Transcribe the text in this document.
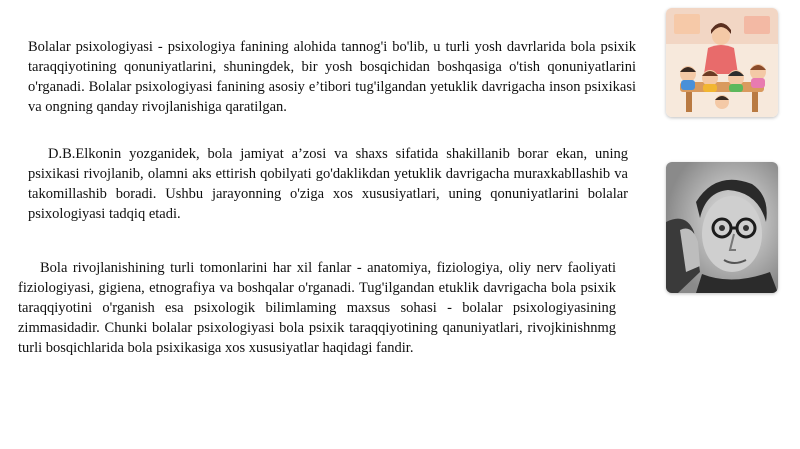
Bolalar psixologiyasi - psixologiya fanining alohida tannog'i bo'lib, u turli yosh davrlarida bola psixik taraqqiyotining qonuniyatlarini, shuningdek, bir yosh bosqichidan boshqasiga o'tish qonuniyatlarini o'rganadi. Bolalar psixologiyasi fanining asosiy e’tibori tug'ilgandan yetuklik davrigacha inson psixikasi va ongning qanday rivojlanishiga qaratilgan.

D.B.Elkonin yozganidek, bola jamiyat a’zosi va shaxs sifatida shakillanib borar ekan, uning psixikasi rivojlanib, olamni aks ettirish qobilyati go'daklikdan yetuklik davrigacha muraxkabllashib va takomillashib boradi. Ushbu jarayonning o'ziga xos xususiyatlari, uning qonuniyatlarini bolalar psixologiyasi tadqiq etadi.

Bola rivojlanishining turli tomonlarini har xil fanlar - anatomiya, fiziologiya, oliy nerv faoliyati fiziologiyasi, gigiena, etnografiya va boshqalar o'rganadi. Tug'ilgandan etuklik davrigacha bola psixik taraqqiyotini o'rganish esa psixologik bilimlaming maxsus sohasi - bolalar psixologiyasining zimmasidadir. Chunki bolalar psixologiyasi bola psixik taraqqiyotining qanuniyatlari, rivojkinishnmg turli bosqichlarida bola psixikasiga xos xususiyatlar haqidagi fandir.
